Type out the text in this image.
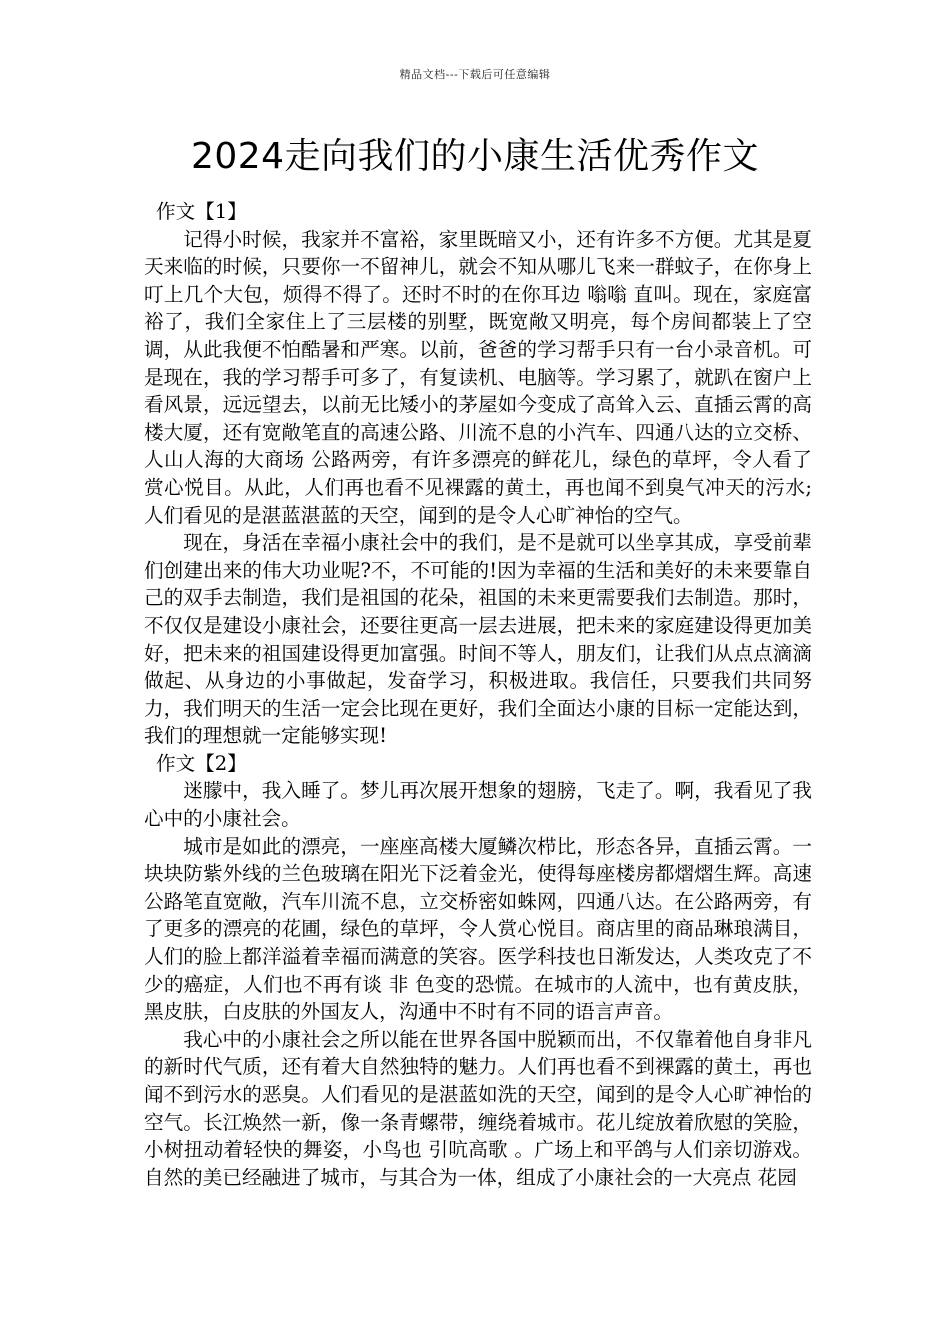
精品文档---下载后可任意编辑
2024走向我们的小康生活优秀作文

作文【1】

记得小时候，我家并不富裕，家里既暗又小，还有许多不方便。尤其是夏天来临的时候，只要你一不留神儿，就会不知从哪儿飞来一群蚊子，在你身上叮上几个大包，烦得不得了。还时不时的在你耳边 嗡嗡 直叫。现在，家庭富裕了，我们全家住上了三层楼的别墅，既宽敞又明亮，每个房间都装上了空调，从此我便不怕酷暑和严寒。以前，爸爸的学习帮手只有一台小录音机。可是现在，我的学习帮手可多了，有复读机、电脑等。学习累了，就趴在窗户上看风景，远远望去，以前无比矮小的茅屋如今变成了高耸入云、直插云霄的高楼大厦，还有宽敞笔直的高速公路、川流不息的小汽车、四通八达的立交桥、人山人海的大商场 公路两旁，有许多漂亮的鲜花儿，绿色的草坪，令人看了赏心悦目。从此，人们再也看不见裸露的黄土，再也闻不到臭气冲天的污水;人们看见的是湛蓝湛蓝的天空，闻到的是令人心旷神怡的空气。

现在，身活在幸福小康社会中的我们，是不是就可以坐享其成，享受前辈们创建出来的伟大功业呢?不，不可能的!因为幸福的生活和美好的未来要靠自己的双手去制造，我们是祖国的花朵，祖国的未来更需要我们去制造。那时，不仅仅是建设小康社会，还要往更高一层去进展，把未来的家庭建设得更加美好，把未来的祖国建设得更加富强。时间不等人，朋友们，让我们从点点滴滴做起、从身边的小事做起，发奋学习，积极进取。我信任，只要我们共同努力，我们明天的生活一定会比现在更好，我们全面达小康的目标一定能达到，我们的理想就一定能够实现!

作文【2】

迷朦中，我入睡了。梦儿再次展开想象的翅膀，飞走了。啊，我看见了我心中的小康社会。

城市是如此的漂亮，一座座高楼大厦鳞次栉比，形态各异，直插云霄。一块块防紫外线的兰色玻璃在阳光下泛着金光，使得每座楼房都熠熠生辉。高速公路笔直宽敞，汽车川流不息，立交桥密如蛛网，四通八达。在公路两旁，有了更多的漂亮的花圃，绿色的草坪，令人赏心悦目。商店里的商品琳琅满目，人们的脸上都洋溢着幸福而满意的笑容。医学科技也日渐发达，人类攻克了不少的癌症，人们也不再有谈 非 色变的恐慌。在城市的人流中，也有黄皮肤，黑皮肤，白皮肤的外国友人，沟通中不时有不同的语言声音。

我心中的小康社会之所以能在世界各国中脱颖而出，不仅靠着他自身非凡的新时代气质，还有着大自然独特的魅力。人们再也看不到裸露的黄土，再也闻不到污水的恶臭。人们看见的是湛蓝如洗的天空，闻到的是令人心旷神怡的空气。长江焕然一新，像一条青螺带，缠绕着城市。花儿绽放着欣慰的笑脸，小树扭动着轻快的舞姿，小鸟也 引吭高歌 。广场上和平鸽与人们亲切游戏。自然的美已经融进了城市，与其合为一体，组成了小康社会的一大亮点 花园
